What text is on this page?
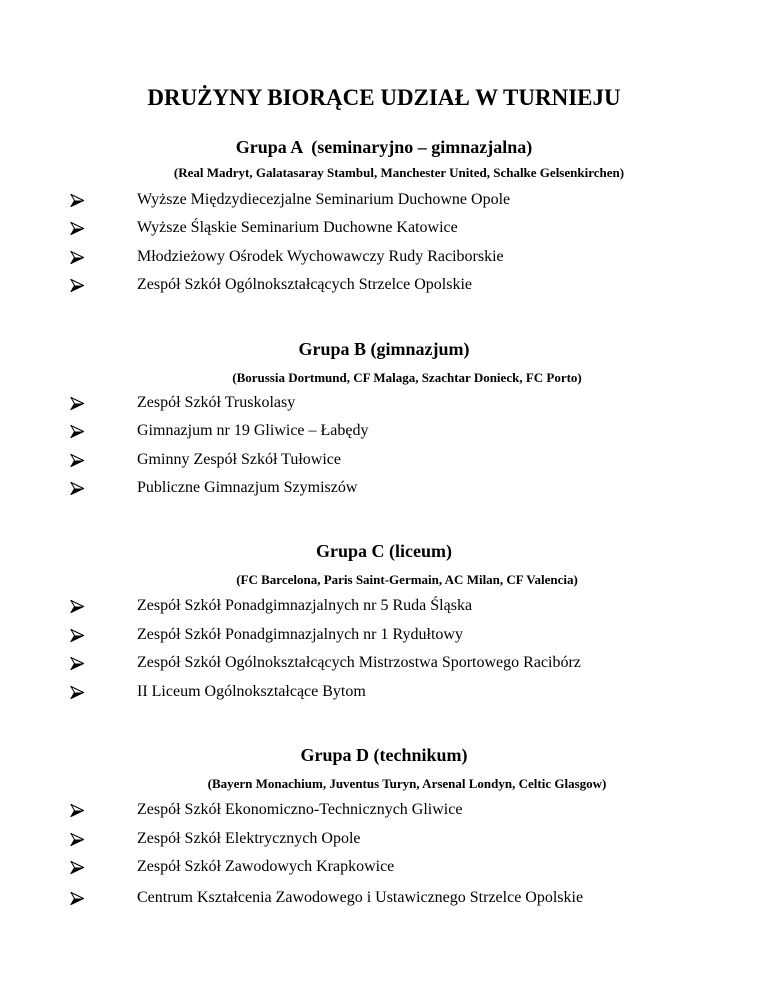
DRUŻYNY BIORĄCE UDZIAŁ W TURNIEJU
Grupa A  (seminaryjno – gimnazjalna)
(Real Madryt, Galatasaray Stambul, Manchester United, Schalke Gelsenkirchen)
Wyższe Międzydiecezjalne Seminarium Duchowne Opole
Wyższe Śląskie Seminarium Duchowne Katowice
Młodzieżowy Ośrodek Wychowawczy Rudy Raciborskie
Zespół Szkół Ogólnokształcących Strzelce Opolskie
Grupa B (gimnazjum)
(Borussia Dortmund, CF Malaga, Szachtar Donieck, FC Porto)
Zespół Szkół Truskolasy
Gimnazjum nr 19 Gliwice – Łabędy
Gminny Zespół Szkół Tułowice
Publiczne Gimnazjum Szymiszów
Grupa C (liceum)
(FC Barcelona, Paris Saint-Germain, AC Milan, CF Valencia)
Zespół Szkół Ponadgimnazjalnych nr 5 Ruda Śląska
Zespół Szkół Ponadgimnazjalnych nr 1 Rydułtowy
Zespół Szkół Ogólnokształcących Mistrzostwa Sportowego Racibórz
II Liceum Ogólnokształcące Bytom
Grupa D (technikum)
(Bayern Monachium, Juventus Turyn, Arsenal Londyn, Celtic Glasgow)
Zespół Szkół Ekonomiczno-Technicznych Gliwice
Zespół Szkół Elektrycznych Opole
Zespół Szkół Zawodowych Krapkowice
Centrum Kształcenia Zawodowego i Ustawicznego Strzelce Opolskie
